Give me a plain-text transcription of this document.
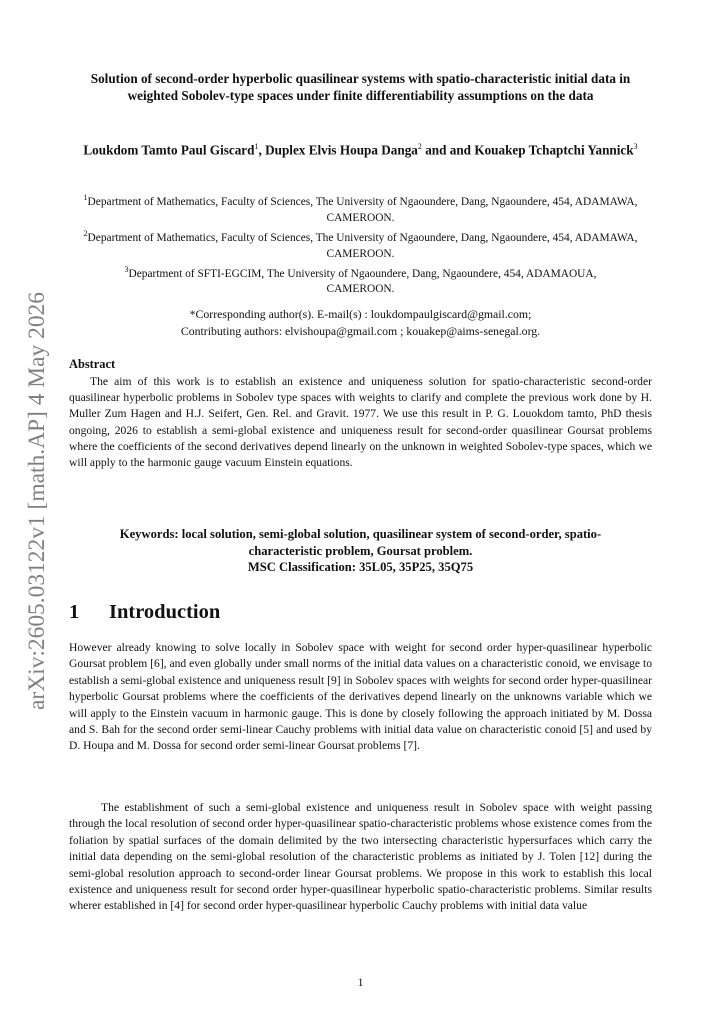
arXiv:2605.03122v1 [math.AP] 4 May 2026
Solution of second-order hyperbolic quasilinear systems with spatio-characteristic initial data in weighted Sobolev-type spaces under finite differentiability assumptions on the data
Loukdom Tamto Paul Giscard$^1$, Duplex Elvis Houpa Danga$^2$ and and Kouakep Tchaptchi Yannick$^3$
$^1$Department of Mathematics, Faculty of Sciences, The University of Ngaoundere, Dang, Ngaoundere, 454, ADAMAWA, CAMEROON.
$^2$Department of Mathematics, Faculty of Sciences, The University of Ngaoundere, Dang, Ngaoundere, 454, ADAMAWA, CAMEROON.
$^3$Department of SFTI-EGCIM, The University of Ngaoundere, Dang, Ngaoundere, 454, ADAMAOUA, CAMEROON.
*Corresponding author(s). E-mail(s) : loukdompaulgiscard@gmail.com;
Contributing authors: elvishoupa@gmail.com ; kouakep@aims-senegal.org.
Abstract
The aim of this work is to establish an existence and uniqueness solution for spatio-characteristic second-order quasilinear hyperbolic problems in Sobolev type spaces with weights to clarify and complete the previous work done by H. Muller Zum Hagen and H.J. Seifert, Gen. Rel. and Gravit. 1977. We use this result in P. G. Louokdom tamto, PhD thesis ongoing, 2026 to establish a semi-global existence and uniqueness result for second-order quasilinear Goursat problems where the coefficients of the second derivatives depend linearly on the unknown in weighted Sobolev-type spaces, which we will apply to the harmonic gauge vacuum Einstein equations.
Keywords: local solution, semi-global solution, quasilinear system of second-order, spatio-characteristic problem, Goursat problem.
MSC Classification: 35L05, 35P25, 35Q75
1 Introduction
However already knowing to solve locally in Sobolev space with weight for second order hyper-quasilinear hyperbolic Goursat problem [6], and even globally under small norms of the initial data values on a characteristic conoid, we envisage to establish a semi-global existence and uniqueness result [9] in Sobolev spaces with weights for second order hyper-quasilinear hyperbolic Goursat problems where the coefficients of the derivatives depend linearly on the unknowns variable which we will apply to the Einstein vacuum in harmonic gauge. This is done by closely following the approach initiated by M. Dossa and S. Bah for the second order semi-linear Cauchy problems with initial data value on characteristic conoid [5] and used by D. Houpa and M. Dossa for second order semi-linear Goursat problems [7].
The establishment of such a semi-global existence and uniqueness result in Sobolev space with weight passing through the local resolution of second order hyper-quasilinear spatio-characteristic problems whose existence comes from the foliation by spatial surfaces of the domain delimited by the two intersecting characteristic hypersurfaces which carry the initial data depending on the semi-global resolution of the characteristic problems as initiated by J. Tolen [12] during the semi-global resolution approach to second-order linear Goursat problems. We propose in this work to establish this local existence and uniqueness result for second order hyper-quasilinear hyperbolic spatio-characteristic problems. Similar results wherer established in [4] for second order hyper-quasilinear hyperbolic Cauchy problems with initial data value
1
